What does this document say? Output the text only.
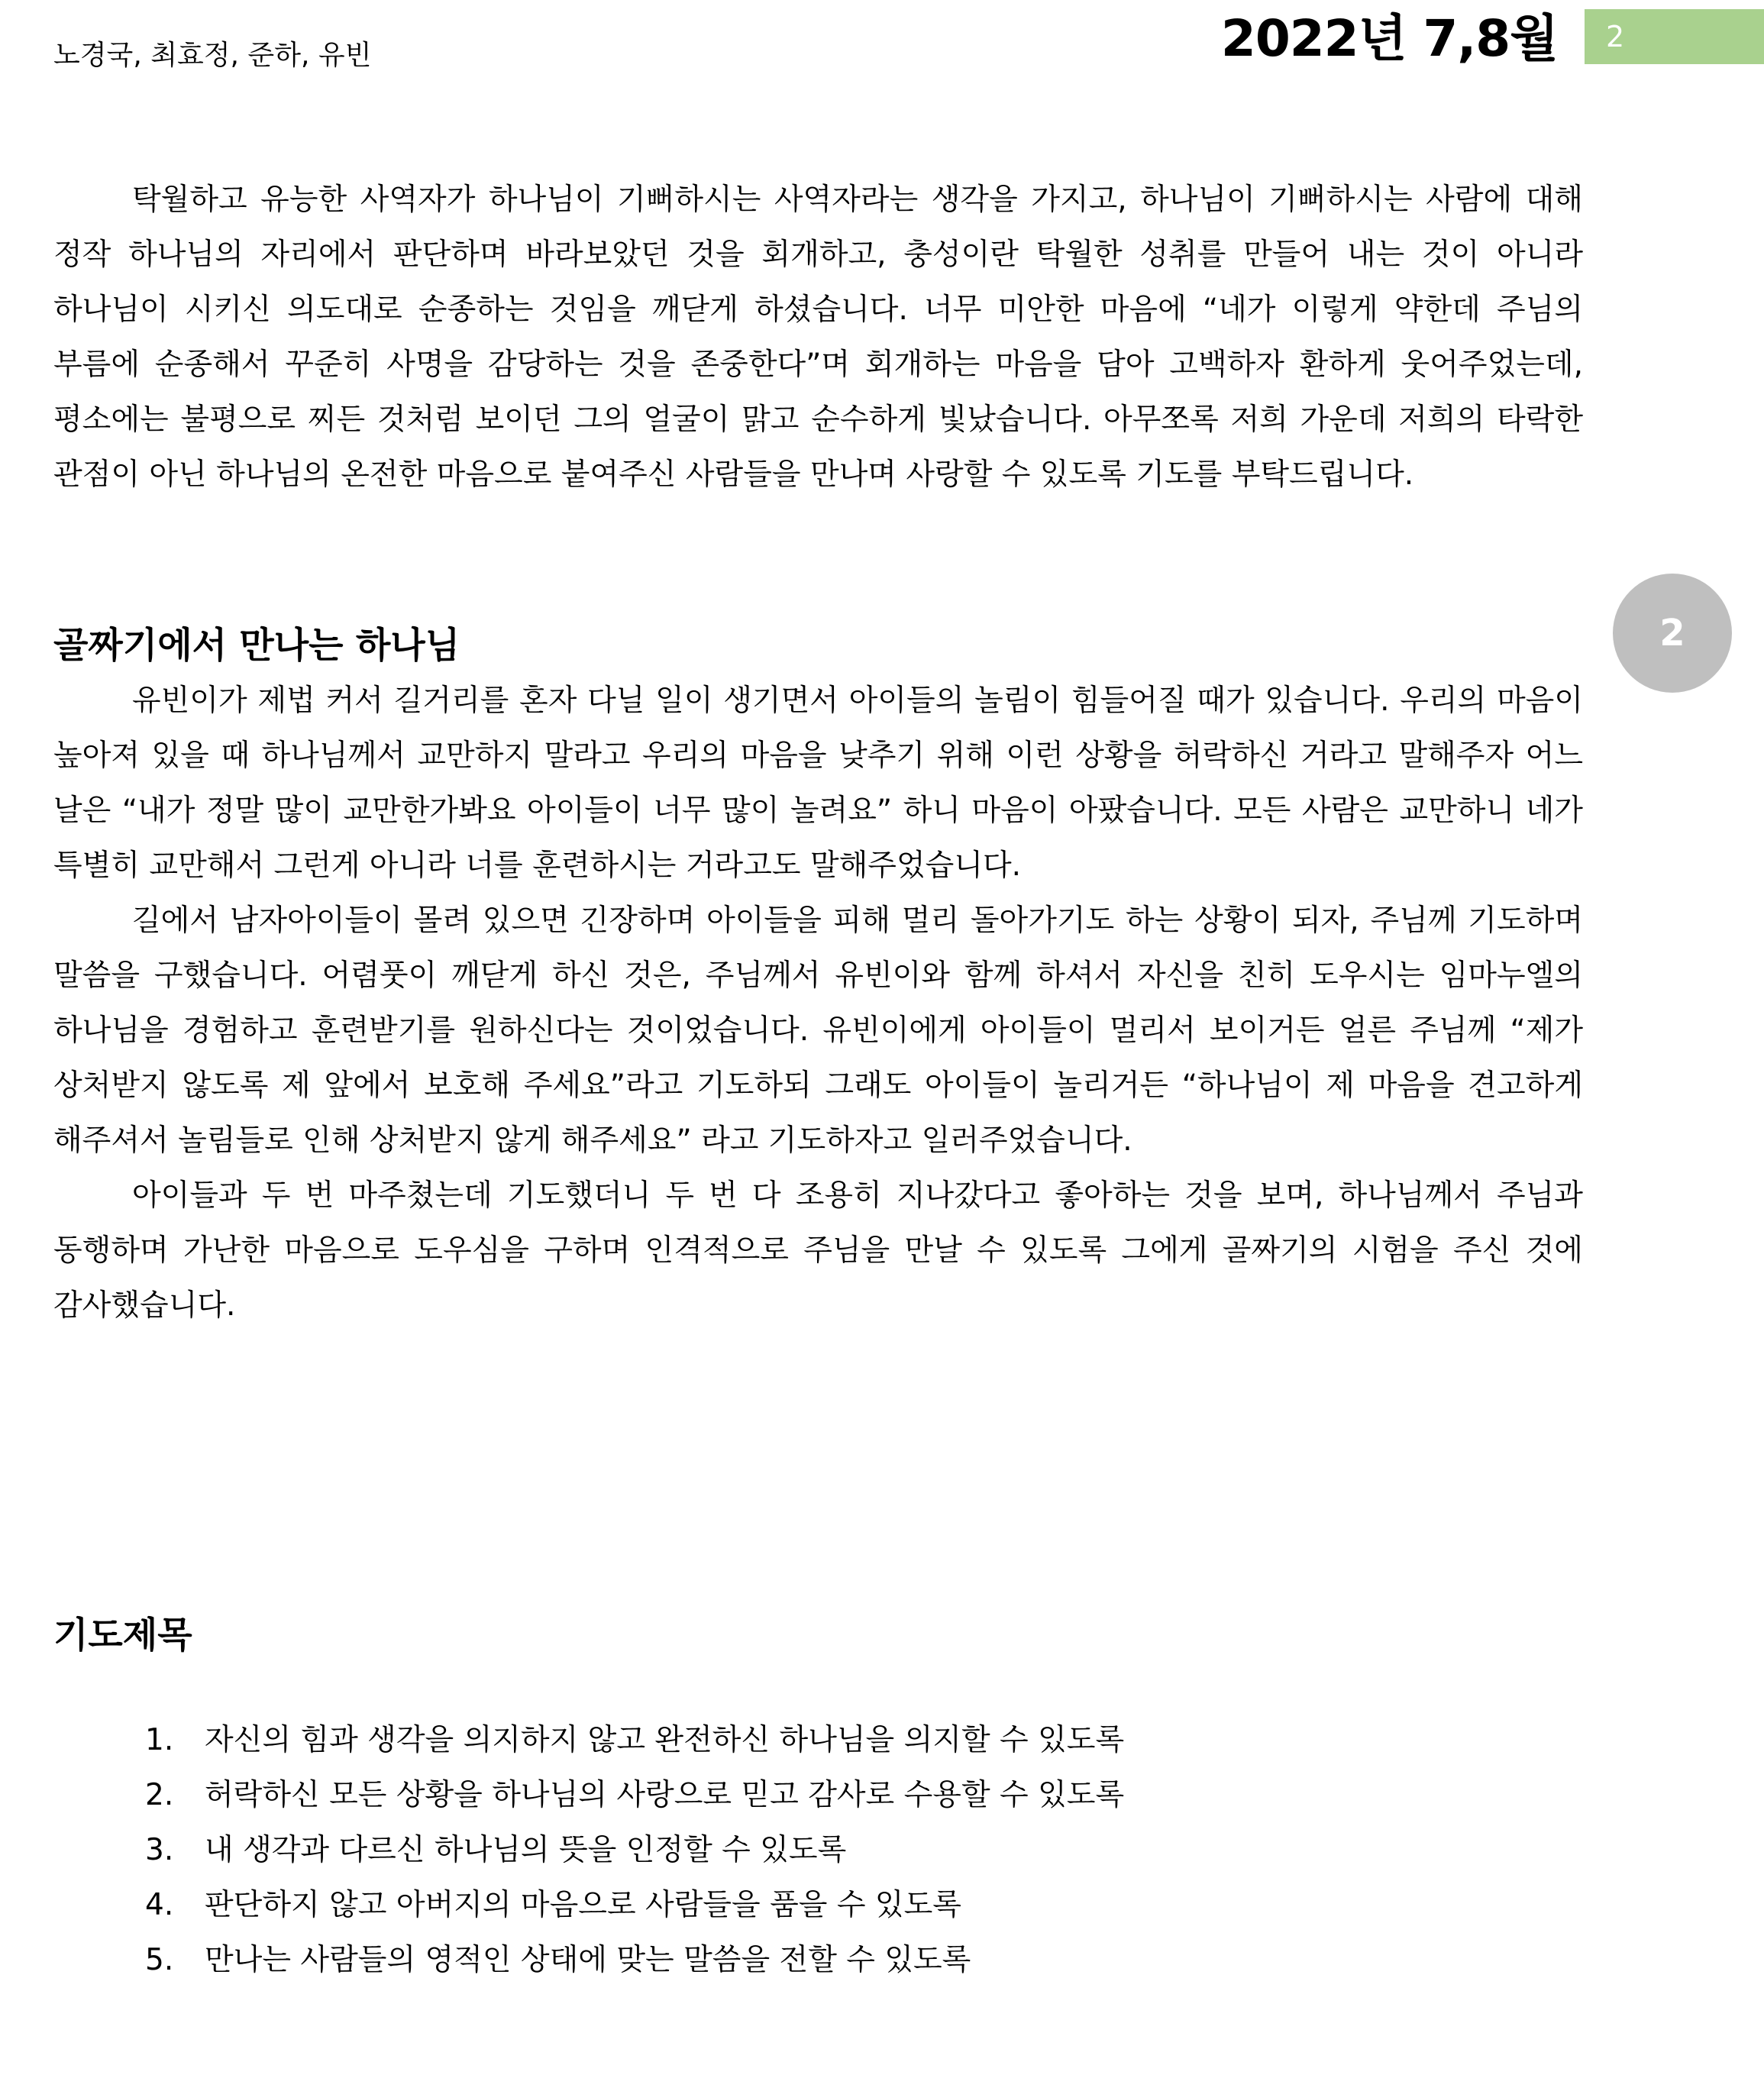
노경국, 최효정, 준하, 유빈	2022년 7,8월	2
2

탁월하고 유능한 사역자가 하나님이 기뻐하시는 사역자라는 생각을 가지고, 하나님이 기뻐하시는 사람에 대해 정작 하나님의 자리에서 판단하며 바라보았던 것을 회개하고, 충성이란 탁월한 성취를 만들어 내는 것이 아니라 하나님이 시키신 의도대로 순종하는 것임을 깨닫게 하셨습니다. 너무 미안한 마음에 “네가 이렇게 약한데 주님의 부름에 순종해서 꾸준히 사명을 감당하는 것을 존중한다”며 회개하는 마음을 담아 고백하자 환하게 웃어주었는데, 평소에는 불평으로 찌든 것처럼 보이던 그의 얼굴이 맑고 순수하게 빛났습니다. 아무쪼록 저희 가운데 저희의 타락한 관점이 아닌 하나님의 온전한 마음으로 붙여주신 사람들을 만나며 사랑할 수 있도록 기도를 부탁드립니다.

골짜기에서 만나는 하나님

유빈이가 제법 커서 길거리를 혼자 다닐 일이 생기면서 아이들의 놀림이 힘들어질 때가 있습니다. 우리의 마음이 높아져 있을 때 하나님께서 교만하지 말라고 우리의 마음을 낮추기 위해 이런 상황을 허락하신 거라고 말해주자 어느 날은 “내가 정말 많이 교만한가봐요 아이들이 너무 많이 놀려요” 하니 마음이 아팠습니다. 모든 사람은 교만하니 네가 특별히 교만해서 그런게 아니라 너를 훈련하시는 거라고도 말해주었습니다.

길에서 남자아이들이 몰려 있으면 긴장하며 아이들을 피해 멀리 돌아가기도 하는 상황이 되자, 주님께 기도하며 말씀을 구했습니다. 어렴풋이 깨닫게 하신 것은, 주님께서 유빈이와 함께 하셔서 자신을 친히 도우시는 임마누엘의 하나님을 경험하고 훈련받기를 원하신다는 것이었습니다. 유빈이에게 아이들이 멀리서 보이거든 얼른 주님께 “제가 상처받지 않도록 제 앞에서 보호해 주세요”라고 기도하되 그래도 아이들이 놀리거든 “하나님이 제 마음을 견고하게 해주셔서 놀림들로 인해 상처받지 않게 해주세요” 라고 기도하자고 일러주었습니다.

아이들과 두 번 마주쳤는데 기도했더니 두 번 다 조용히 지나갔다고 좋아하는 것을 보며, 하나님께서 주님과 동행하며 가난한 마음으로 도우심을 구하며 인격적으로 주님을 만날 수 있도록 그에게 골짜기의 시험을 주신 것에 감사했습니다.

기도제목
1.	자신의 힘과 생각을 의지하지 않고 완전하신 하나님을 의지할 수 있도록
2.	허락하신 모든 상황을 하나님의 사랑으로 믿고 감사로 수용할 수 있도록
3.	내 생각과 다르신 하나님의 뜻을 인정할 수 있도록
4.	판단하지 않고 아버지의 마음으로 사람들을 품을 수 있도록
5.	만나는 사람들의 영적인 상태에 맞는 말씀을 전할 수 있도록
